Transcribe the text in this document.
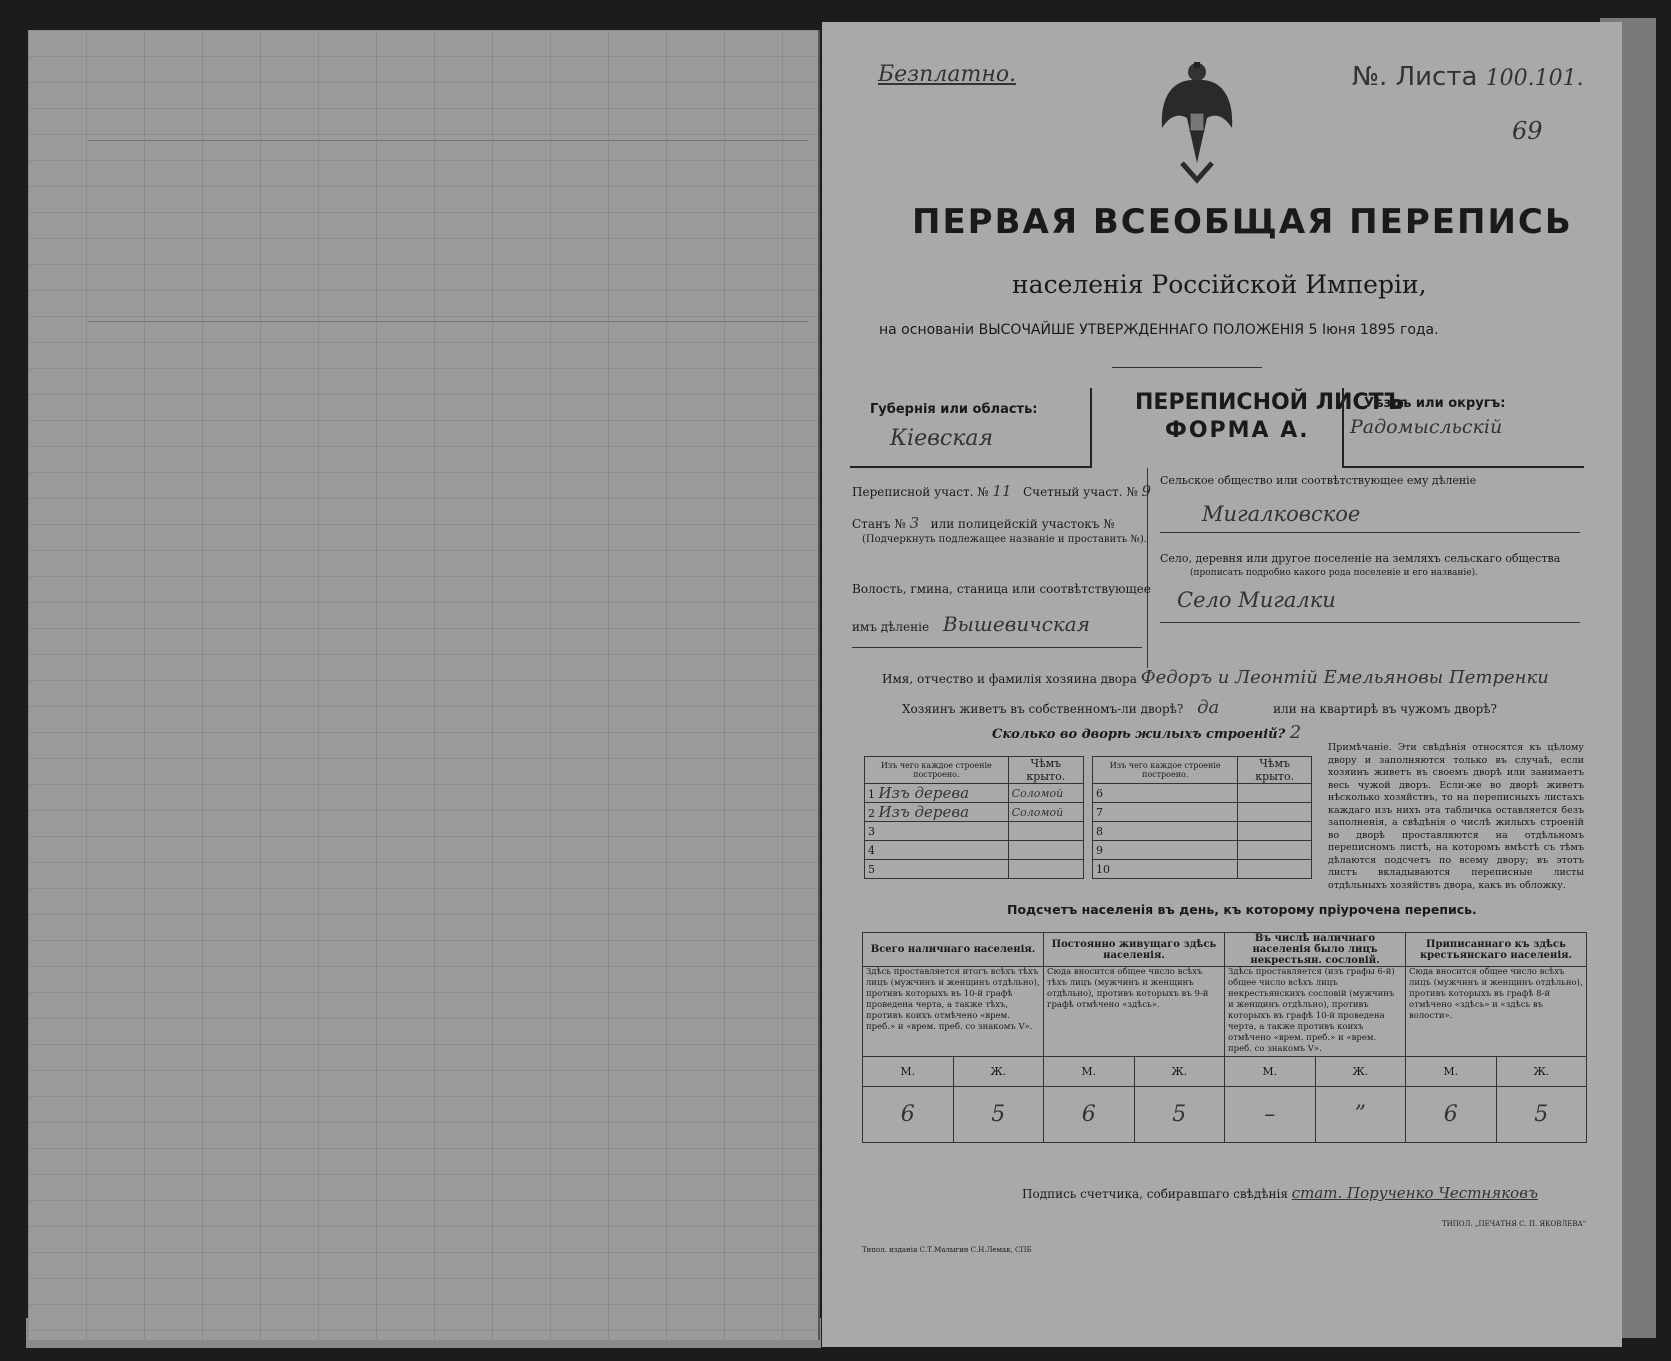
Безплатно.	№. Листа 100.101.
69
ПЕРВАЯ ВСЕОБЩАЯ ПЕРЕПИСЬ
населенія Россійской Имперіи,
на основаніи ВЫСОЧАЙШЕ УТВЕРЖДЕННАГО ПОЛОЖЕНІЯ 5 Іюня 1895 года.
Губернія или область:
Кіевская
ПЕРЕПИСНОЙ ЛИСТЪ
ФОРМА А.
Уѣздъ или округъ:
Радомысльскій
Переписной участ. № 11 Счетный участ. № 9
Станъ № 3 или полицейскій участокъ №
(Подчеркнуть подлежащее названіе и проставить №).
Волость, гмина, станица или соотвѣтствующее
имъ дѣленіе Вышевичская
Сельское общество или соотвѣтствующее ему дѣленіе
Мигалковское
Село, деревня или другое поселеніе на земляхъ сельскаго общества
(прописать подробно какого рода поселеніе и его названіе).
Село Мигалки
Имя, отчество и фамилія хозяина двора Федоръ и Леонтій Емельяновы Петренки
Хозяинъ живетъ въ собственномъ-ли дворѣ? да	или на квартирѣ въ чужомъ дворѣ?
Сколько во дворѣ жилыхъ строеній? 2
Изъ чего каждое строеніе построено.	Чѣмъ крыто.
1 Изъ дерева	Соломой
2 Изъ дерева	Соломой
3	
4	
5	
Изъ чего каждое строеніе построено.	Чѣмъ крыто.
6	
7	
8	
9	
10	
Примѣчаніе. Эти свѣдѣнія относятся къ цѣлому двору и заполняются только въ случаѣ, если хозяинъ живетъ въ своемъ дворѣ или занимаетъ весь чужой дворъ. Если-же во дворѣ живетъ нѣсколько хозяйствъ, то на переписныхъ листахъ каждаго изъ нихъ эта табличка оставляется безъ заполненія, а свѣдѣнія о числѣ жилыхъ строеній во дворѣ проставляются на отдѣльномъ переписномъ листѣ, на которомъ вмѣстѣ съ тѣмъ дѣлаются подсчетъ по всему двору; въ этотъ листъ вкладываются переписные листы отдѣльныхъ хозяйствъ двора, какъ въ обложку.
Подсчетъ населенія въ день, къ которому пріурочена перепись.
Всего наличнаго населенія.		Постоянно живущаго здѣсь населенія.		Въ числѣ наличнаго населенія было лицъ некрестьян. сословій.		Приписаннаго къ здѣсь крестьянскаго населенія.	
Здѣсь проставляется итогъ всѣхъ тѣхъ лицъ (мужчинъ и женщинъ отдѣльно), противъ которыхъ въ 10-й графѣ проведена черта, а также тѣхъ, противъ коихъ отмѣчено «врем. преб.» и «врем. преб. со знакомъ V».		Сюда вносится общее число всѣхъ тѣхъ лицъ (мужчинъ и женщинъ отдѣльно), противъ которыхъ въ 9-й графѣ отмѣчено «здѣсь».		Здѣсь проставляется (изъ графы 6-й) общее число всѣхъ лицъ некрестьянскихъ сословій (мужчинъ и женщинъ отдѣльно), противъ которыхъ въ графѣ 10-й проведена черта, а также противъ коихъ отмѣчено «врем. преб.» и «врем. преб. со знакомъ V».		Сюда вносится общее число всѣхъ лицъ (мужчинъ и женщинъ отдѣльно), противъ которыхъ въ графѣ 8-й отмѣчено «здѣсь» и «здѣсь въ волости».	
М.	Ж.	М.	Ж.	М.	Ж.	М.	Ж.
6	5	6	5	–	”	6	5
Подпись счетчика, собиравшаго свѣдѣнія стат. Порученко Честняковъ
Типол. изданія С.Т.Малыгин С.Н.Лемак, СПБ
ТИПОЛ. „ПЕЧАТНЯ С. П. ЯКОВЛЕВА"
